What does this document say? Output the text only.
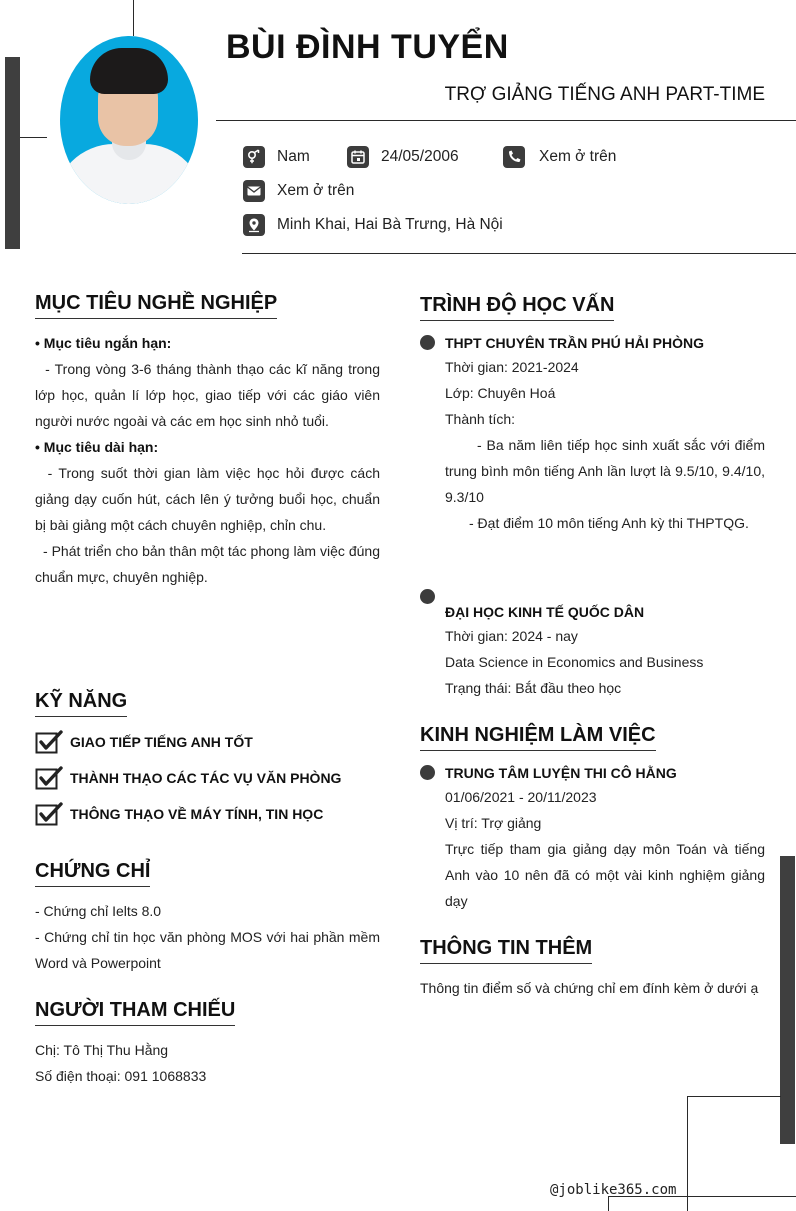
BÙI ĐÌNH TUYỂN
TRỢ GIẢNG TIẾNG ANH PART-TIME
Nam	24/05/2006	Xem ở trên
Xem ở trên
Minh Khai, Hai Bà Trưng, Hà Nội
MỤC TIÊU NGHỀ NGHIỆP
• Mục tiêu ngắn hạn:
- Trong vòng 3-6 tháng thành thạo các kĩ năng trong lớp học, quản lí lớp học, giao tiếp với các giáo viên người nước ngoài và các em học sinh nhỏ tuổi.
• Mục tiêu dài hạn:
- Trong suốt thời gian làm việc học hỏi được cách giảng dạy cuốn hút, cách lên ý tưởng buổi học, chuẩn bị bài giảng một cách chuyên nghiệp, chỉn chu.
- Phát triển cho bản thân một tác phong làm việc đúng chuẩn mực, chuyên nghiệp.
KỸ NĂNG
GIAO TIẾP TIẾNG ANH TỐT
THÀNH THẠO CÁC TÁC VỤ VĂN PHÒNG
THÔNG THẠO VỀ MÁY TÍNH, TIN HỌC
CHỨNG CHỈ
- Chứng chỉ Ielts 8.0
- Chứng chỉ tin học văn phòng MOS với hai phần mềm Word và Powerpoint
NGƯỜI THAM CHIẾU
Chị: Tô Thị Thu Hằng
Số điện thoại: 091 1068833
TRÌNH ĐỘ HỌC VẤN
THPT CHUYÊN TRẦN PHÚ HẢI PHÒNG
Thời gian: 2021-2024
Lớp: Chuyên Hoá
Thành tích:
- Ba năm liên tiếp học sinh xuất sắc với điểm trung bình môn tiếng Anh lần lượt là 9.5/10, 9.4/10, 9.3/10
- Đạt điểm 10 môn tiếng Anh kỳ thi THPTQG.
ĐẠI HỌC KINH TẾ QUỐC DÂN
Thời gian: 2024 - nay
Data Science in Economics and Business
Trạng thái: Bắt đầu theo học
KINH NGHIỆM LÀM VIỆC
TRUNG TÂM LUYỆN THI CÔ HẰNG
01/06/2021 - 20/11/2023
Vị trí: Trợ giảng
Trực tiếp tham gia giảng dạy môn Toán và tiếng Anh vào 10 nên đã có một vài kinh nghiệm giảng dạy
THÔNG TIN THÊM
Thông tin điểm số và chứng chỉ em đính kèm ở dưới ạ
@joblike365.com
